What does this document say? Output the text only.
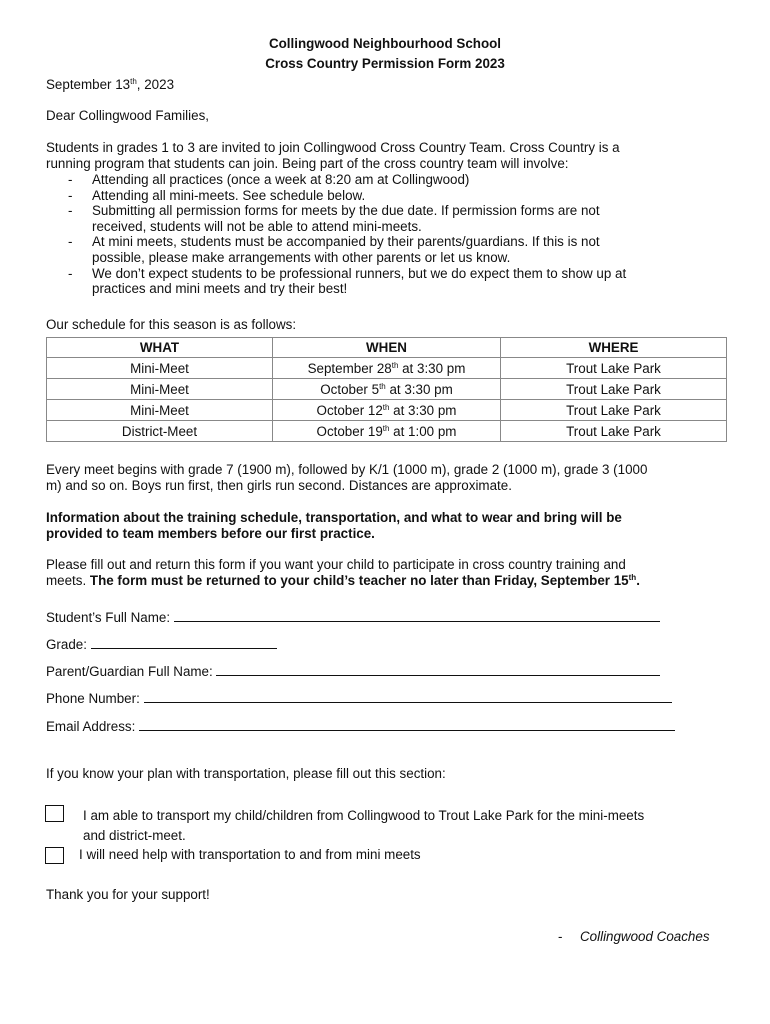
Collingwood Neighbourhood School
Cross Country Permission Form 2023
September 13th, 2023
Dear Collingwood Families,
Students in grades 1 to 3 are invited to join Collingwood Cross Country Team. Cross Country is a
running program that students can join. Being part of the cross country team will involve:
- Attending all practices (once a week at 8:20 am at Collingwood)
- Attending all mini-meets. See schedule below.
- Submitting all permission forms for meets by the due date. If permission forms are not
received, students will not be able to attend mini-meets.
- At mini meets, students must be accompanied by their parents/guardians. If this is not
possible, please make arrangements with other parents or let us know.
- We don’t expect students to be professional runners, but we do expect them to show up at
practices and mini meets and try their best!
Our schedule for this season is as follows:
WHAT	WHEN	WHERE
Mini-Meet	September 28th at 3:30 pm	Trout Lake Park
Mini-Meet	October 5th at 3:30 pm	Trout Lake Park
Mini-Meet	October 12th at 3:30 pm	Trout Lake Park
District-Meet	October 19th at 1:00 pm	Trout Lake Park
Every meet begins with grade 7 (1900 m), followed by K/1 (1000 m), grade 2 (1000 m), grade 3 (1000
m) and so on. Boys run first, then girls run second. Distances are approximate.
Information about the training schedule, transportation, and what to wear and bring will be
provided to team members before our first practice.
Please fill out and return this form if you want your child to participate in cross country training and
meets. The form must be returned to your child’s teacher no later than Friday, September 15th.
Student’s Full Name:
Grade:
Parent/Guardian Full Name:
Phone Number:
Email Address:
If you know your plan with transportation, please fill out this section:
I am able to transport my child/children from Collingwood to Trout Lake Park for the mini-meets
and district-meet.
I will need help with transportation to and from mini meets
Thank you for your support!
- Collingwood Coaches
